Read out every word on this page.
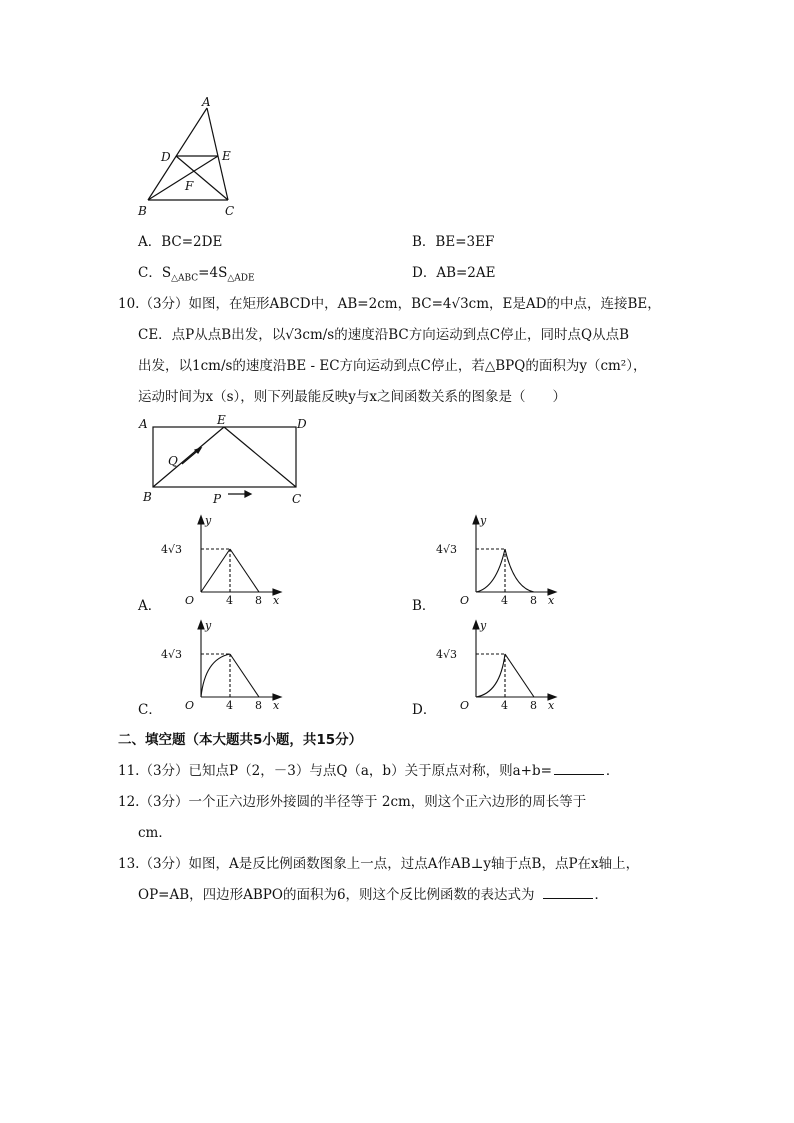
A
D	E
F
B	C
A．BC=2DE	B．BE=3EF
C．$S_{\triangle ABC}=4S_{\triangle ADE}$	D．AB=2AE
10.（3分）如图，在矩形ABCD中，AB=2cm，BC=4√3cm，E是AD的中点，连接BE，
CE．点P从点B出发，以√3cm/s的速度沿BC方向运动到点C停止，同时点Q从点B
出发，以1cm/s的速度沿BE - EC方向运动到点C停止，若△BPQ的面积为y（cm²），
运动时间为x（s），则下列最能反映y与x之间函数关系的图象是（　　）
A	E	D
Q
B	P	C
y
x
O
4√3
4 8
A．
y
x
O
4√3
4 8
B．
y
x
O
4√3
4 8
C．
y
x
O
4√3
4 8
D．
二、填空题（本大题共5小题，共15分）
11.（3分）已知点P（2，－3）与点Q（a，b）关于原点对称，则a+b=	．
12.（3分）一个正六边形外接圆的半径等于 2cm，则这个正六边形的周长等于
cm．
13.（3分）如图，A是反比例函数图象上一点，过点A作AB⊥y轴于点B，点P在x轴上，
OP=AB，四边形ABPO的面积为6，则这个反比例函数的表达式为	．
